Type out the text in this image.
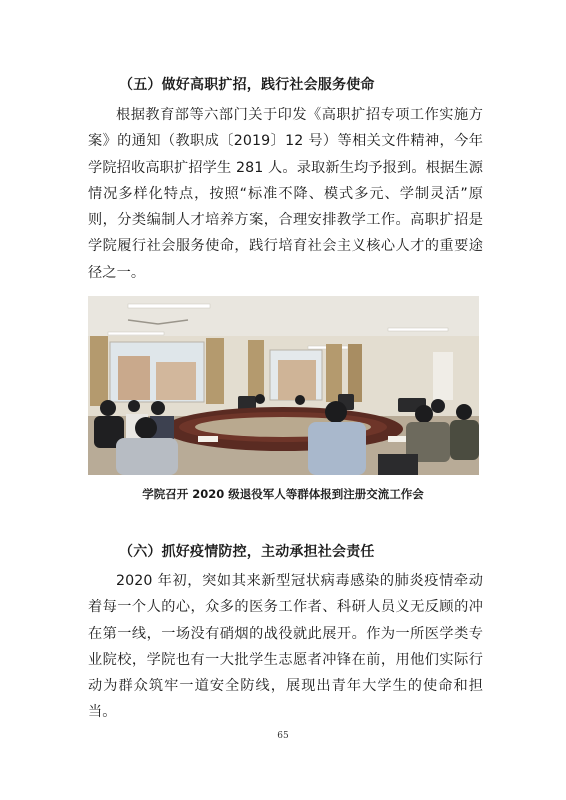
（五）做好高职扩招，践行社会服务使命

根据教育部等六部门关于印发《高职扩招专项工作实施方案》的通知（教职成〔2019〕12 号）等相关文件精神，今年学院招收高职扩招学生 281 人。录取新生均予报到。根据生源情况多样化特点，按照“标准不降、模式多元、学制灵活”原则，分类编制人才培养方案，合理安排教学工作。高职扩招是学院履行社会服务使命，践行培育社会主义核心人才的重要途径之一。

学院召开 2020 级退役军人等群体报到注册交流工作会
（六）抓好疫情防控，主动承担社会责任

2020 年初，突如其来新型冠状病毒感染的肺炎疫情牵动着每一个人的心，众多的医务工作者、科研人员义无反顾的冲在第一线，一场没有硝烟的战役就此展开。作为一所医学类专业院校，学院也有一大批学生志愿者冲锋在前，用他们实际行动为群众筑牢一道安全防线，展现出青年大学生的使命和担当。

65
